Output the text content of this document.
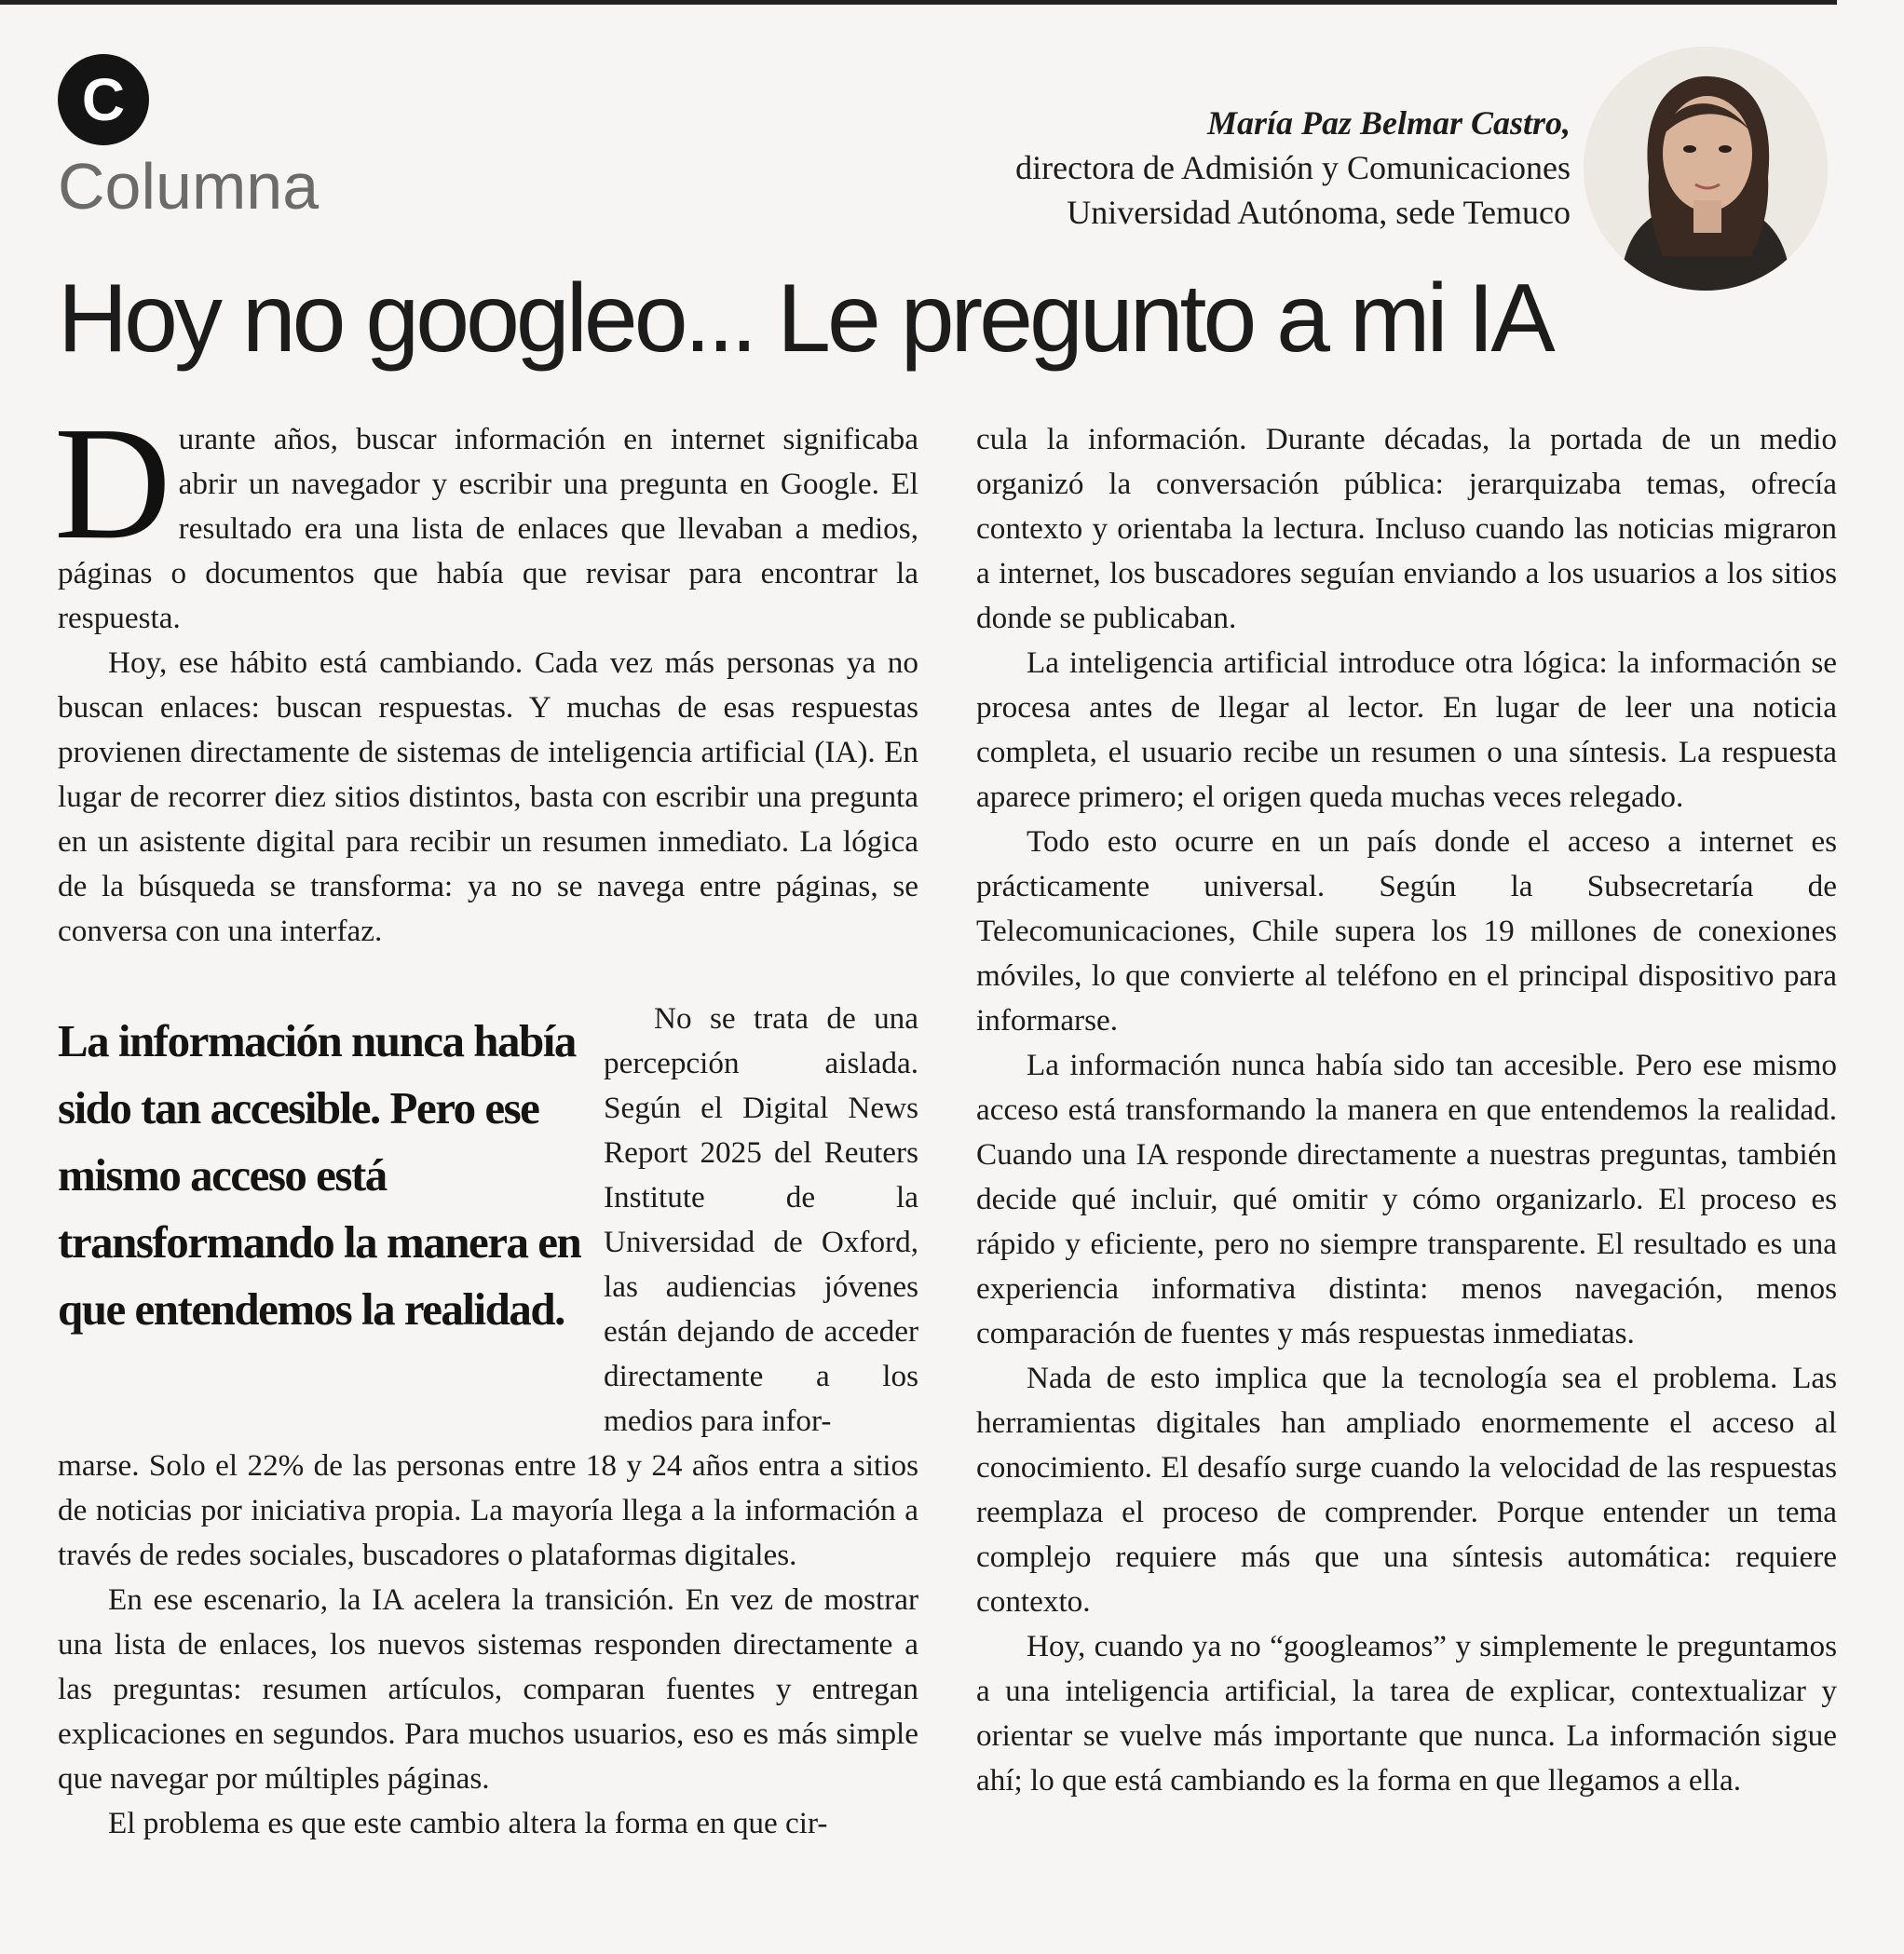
C
Columna
María Paz Belmar Castro,
directora de Admisión y Comunicaciones
Universidad Autónoma, sede Temuco
Hoy no googleo... Le pregunto a mi IA

Durante años, buscar información en internet significaba abrir un navegador y escribir una pregunta en Google. El resultado era una lista de enlaces que llevaban a medios, páginas o documentos que había que revisar para encontrar la respuesta.

Hoy, ese hábito está cambiando. Cada vez más personas ya no buscan enlaces: buscan respuestas. Y muchas de esas respuestas provienen directamente de sistemas de inteligencia artificial (IA). En lugar de recorrer diez sitios distintos, basta con escribir una pregunta en un asistente digital para recibir un resumen inmediato. La lógica de la búsqueda se transforma: ya no se navega entre páginas, se conversa con una interfaz.

La información nunca había sido tan accesible. Pero ese mismo acceso está transformando la manera en que entendemos la realidad.

No se trata de una percepción aislada. Según el Digital News Report 2025 del Reuters Institute de la Universidad de Oxford, las audiencias jóvenes están dejando de acceder directamente a los medios para infor-

marse. Solo el 22% de las personas entre 18 y 24 años entra a sitios de noticias por iniciativa propia. La mayoría llega a la información a través de redes sociales, buscadores o plataformas digitales.

En ese escenario, la IA acelera la transición. En vez de mostrar una lista de enlaces, los nuevos sistemas responden directamente a las preguntas: resumen artículos, comparan fuentes y entregan explicaciones en segundos. Para muchos usuarios, eso es más simple que navegar por múltiples páginas.

El problema es que este cambio altera la forma en que cir-

cula la información. Durante décadas, la portada de un medio organizó la conversación pública: jerarquizaba temas, ofrecía contexto y orientaba la lectura. Incluso cuando las noticias migraron a internet, los buscadores seguían enviando a los usuarios a los sitios donde se publicaban.

La inteligencia artificial introduce otra lógica: la información se procesa antes de llegar al lector. En lugar de leer una noticia completa, el usuario recibe un resumen o una síntesis. La respuesta aparece primero; el origen queda muchas veces relegado.

Todo esto ocurre en un país donde el acceso a internet es prácticamente universal. Según la Subsecretaría de Telecomunicaciones, Chile supera los 19 millones de conexiones móviles, lo que convierte al teléfono en el principal dispositivo para informarse.

La información nunca había sido tan accesible. Pero ese mismo acceso está transformando la manera en que entendemos la realidad. Cuando una IA responde directamente a nuestras preguntas, también decide qué incluir, qué omitir y cómo organizarlo. El proceso es rápido y eficiente, pero no siempre transparente. El resultado es una experiencia informativa distinta: menos navegación, menos comparación de fuentes y más respuestas inmediatas.

Nada de esto implica que la tecnología sea el problema. Las herramientas digitales han ampliado enormemente el acceso al conocimiento. El desafío surge cuando la velocidad de las respuestas reemplaza el proceso de comprender. Porque entender un tema complejo requiere más que una síntesis automática: requiere contexto.

Hoy, cuando ya no “googleamos” y simplemente le preguntamos a una inteligencia artificial, la tarea de explicar, contextualizar y orientar se vuelve más importante que nunca. La información sigue ahí; lo que está cambiando es la forma en que llegamos a ella.
